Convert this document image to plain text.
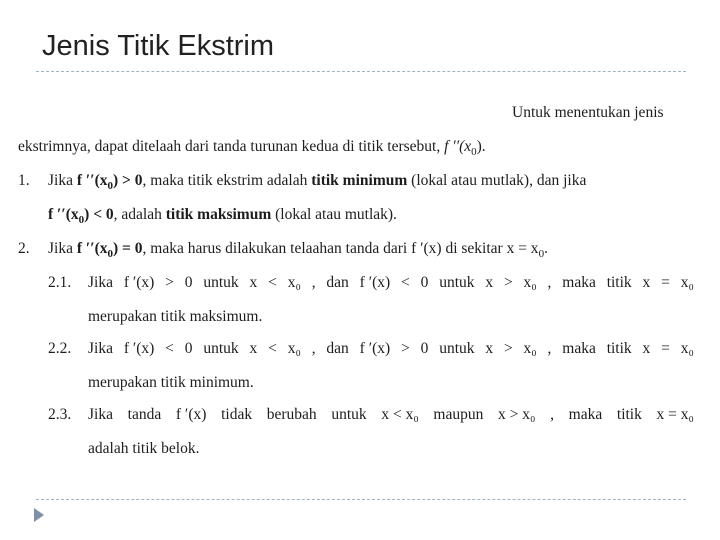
Jenis Titik Ekstrim
Untuk menentukan jenis
ekstrimnya, dapat ditelaah dari tanda turunan kedua di titik tersebut, f $''(x_0)$.
1. Jika f $''(x_0) > 0$, maka titik ekstrim adalah titik minimum (lokal atau mutlak), dan jika
f $''(x_0) < 0$, adalah titik maksimum (lokal atau mutlak).
2. Jika f $''(x_0) = 0$, maka harus dilakukan telaahan tanda dari f ′(x) di sekitar $x = x_0$.
2.1. Jika f ′(x) > 0 untuk x < x₀ , dan f ′(x) < 0 untuk x > x₀ , maka titik x = x₀
merupakan titik maksimum.
2.2. Jika f ′(x) < 0 untuk x < x₀ , dan f ′(x) > 0 untuk x > x₀ , maka titik x = x₀
merupakan titik minimum.
2.3. Jika tanda f ′(x) tidak berubah untuk x < x₀ maupun x > x₀ , maka titik x = x₀
adalah titik belok.
